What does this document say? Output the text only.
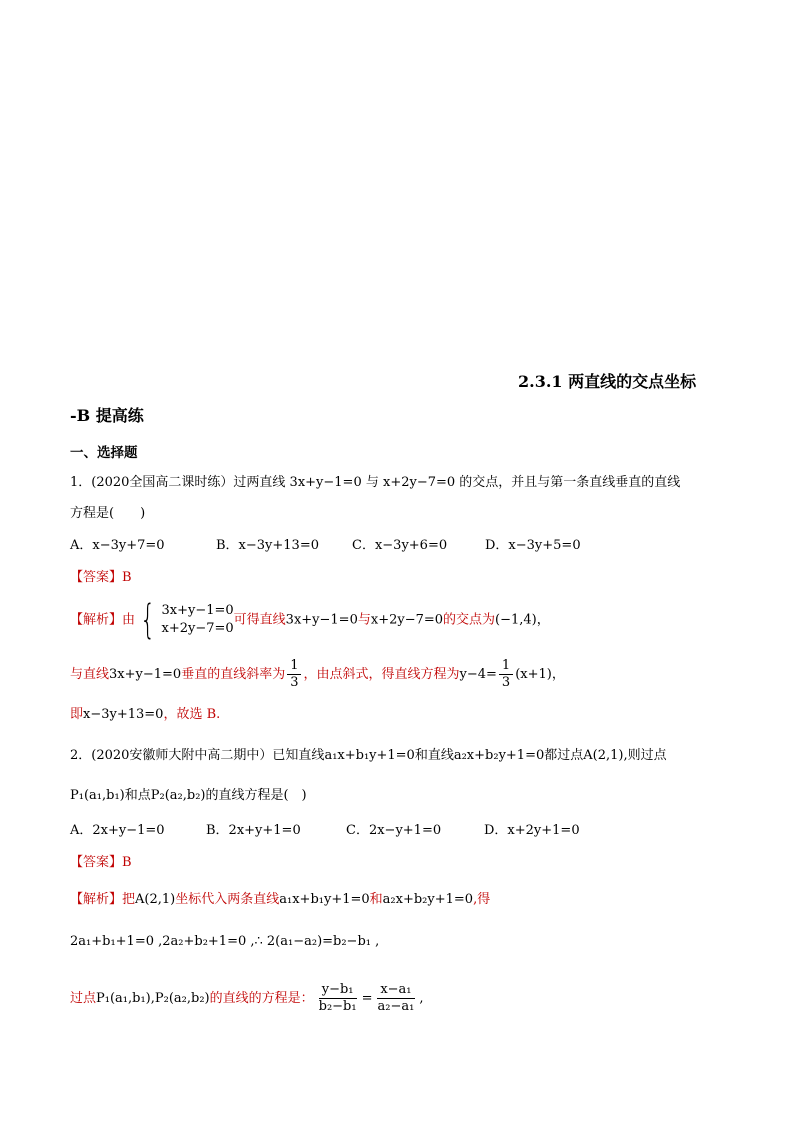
2.3.1 两直线的交点坐标
-B 提高练
一、选择题
1．(2020全国高二课时练）过两直线 3x+y−1=0 与 x+2y−7=0 的交点，并且与第一条直线垂直的直线
方程是(　　)
A．x−3y+7=0	B．x−3y+13=0	C．x−3y+6=0	D．x−3y+5=0
【答案】B
【解析】由 { 3x+y−1=0
x+2y−7=0
可得直线3x+y−1=0与x+2y−7=0的交点为(−1,4)，
与直线3x+y−1=0垂直的直线斜率为 $\frac{1}{3}$ ，由点斜式，得直线方程为$y-4= \frac{1}{3} (x+1)$，
即x−3y+13=0，故选 B.
2．(2020安徽师大附中高二期中）已知直线a₁x+b₁y+1=0和直线a₂x+b₂y+1=0都过点A(2,1),则过点
P₁(a₁,b₁)和点P₂(a₂,b₂)的直线方程是(　)
A．2x+y−1=0	B．2x+y+1=0	C．2x−y+1=0	D．x+2y+1=0
【答案】B
【解析】把A(2,1)坐标代入两条直线a₁x+b₁y+1=0和a₂x+b₂y+1=0,得
2a₁+b₁+1=0 ,2a₂+b₂+1=0 ,∴ 2(a₁−a₂)=b₂−b₁ ,
过点P₁(a₁,b₁),P₂(a₂,b₂)的直线的方程是： $\frac{\text{y−b₁}}{\text{b₂−b₁}} = \frac{\text{x−a₁}}{\text{a₂−a₁}}$ ,
